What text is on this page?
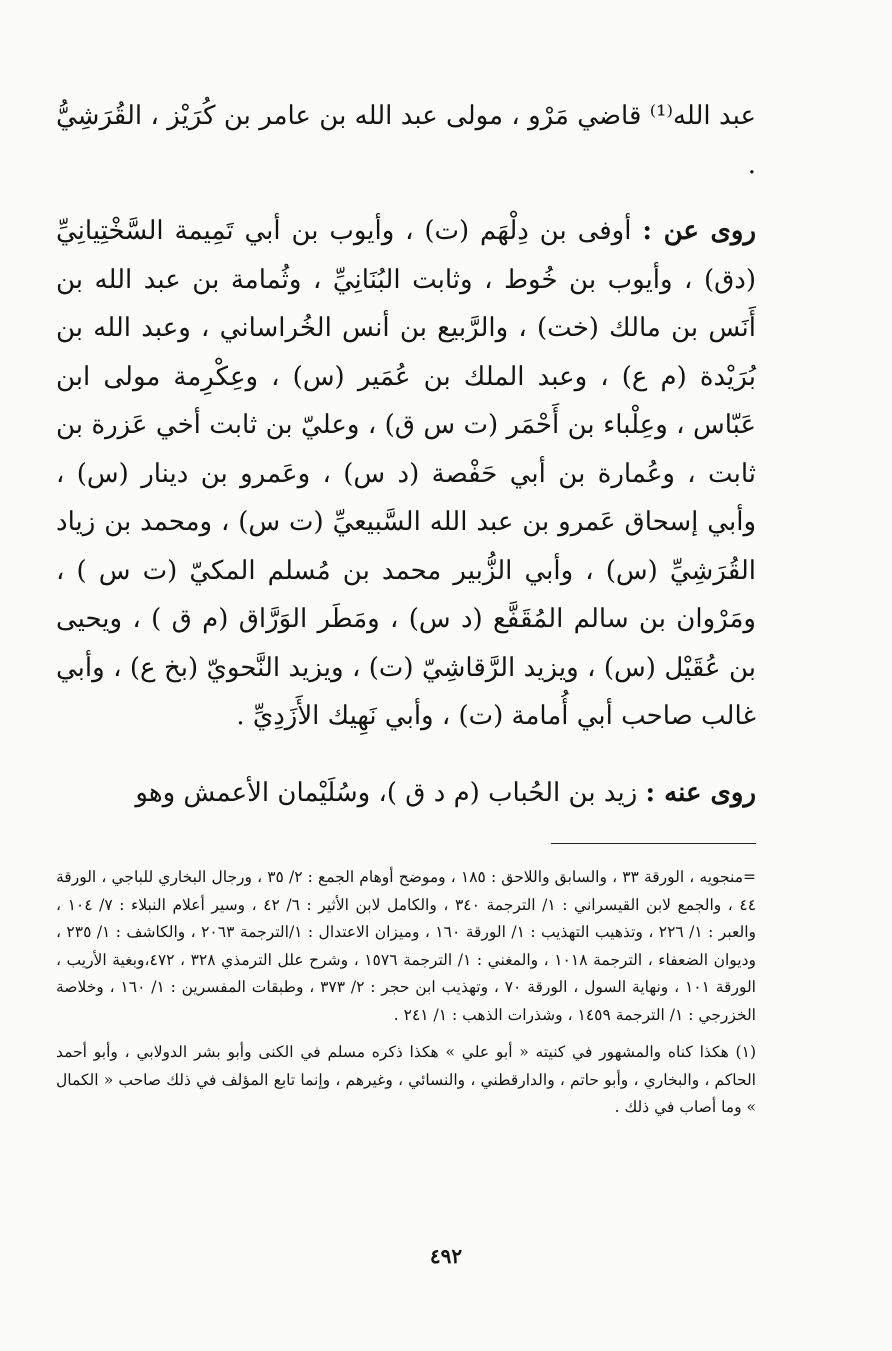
عبد الله⁽¹⁾ قاضي مَرْو ، مولى عبد الله بن عامر بن كُرَيْز ، القُرَشِيُّ .

روى عن : أوفى بن دِلْهَم (ت) ، وأيوب بن أبي تَمِيمة السَّخْتِيانِيِّ (دق) ، وأيوب بن خُوط ، وثابت البُنَانِيِّ ، وثُمامة بن عبد الله بن أَنَس بن مالك (خت) ، والرَّبيع بن أنس الخُراساني ، وعبد الله بن بُرَيْدة (م ع) ، وعبد الملك بن عُمَير (س) ، وعِكْرِمة مولى ابن عَبّاس ، وعِلْباء بن أَحْمَر (ت س ق) ، وعليّ بن ثابت أخي عَزرة بن ثابت ، وعُمارة بن أبي حَفْصة (د س) ، وعَمرو بن دينار (س) ، وأبي إسحاق عَمرو بن عبد الله السَّبيعيِّ (ت س) ، ومحمد بن زياد القُرَشِيِّ (س) ، وأبي الزُّبير محمد بن مُسلم المكيّ (ت س ) ، ومَرْوان بن سالم المُقَفَّع (د س) ، ومَطَر الوَرَّاق (م ق ) ، ويحيى بن عُقَيْل (س) ، ويزيد الرَّقاشِيّ (ت) ، ويزيد النَّحويّ (بخ ع) ، وأبي غالب صاحب أبي أُمامة (ت) ، وأبي نَهِيك الأَزَدِيِّ .

روى عنه : زيد بن الحُباب (م د ق )، وسُلَيْمان الأعمش وهو

=منجويه ، الورقة ٣٣ ، والسابق واللاحق : ١٨٥ ، وموضح أوهام الجمع : ٢/ ٣٥ ، ورجال البخاري للباجي ، الورقة ٤٤ ، والجمع لابن القيسراني : ١/ الترجمة ٣٤٠ ، والكامل لابن الأثير : ٦/ ٤٢ ، وسير أعلام النبلاء : ٧/ ١٠٤ ، والعبر : ١/ ٢٢٦ ، وتذهيب التهذيب : ١/ الورقة ١٦٠ ، وميزان الاعتدال : ١/الترجمة ٢٠٦٣ ، والكاشف : ١/ ٢٣٥ ، وديوان الضعفاء ، الترجمة ١٠١٨ ، والمغني : ١/ الترجمة ١٥٧٦ ، وشرح علل الترمذي ٣٢٨ ، ٤٧٢،وبغية الأريب ، الورقة ١٠١ ، ونهاية السول ، الورقة ٧٠ ، وتهذيب ابن حجر : ٢/ ٣٧٣ ، وطبقات المفسرين : ١/ ١٦٠ ، وخلاصة الخزرجي : ١/ الترجمة ١٤٥٩ ، وشذرات الذهب : ١/ ٢٤١ .

(١) هكذا كناه والمشهور في كنيته « أبو علي » هكذا ذكره مسلم في الكنى وأبو بشر الدولابي ، وأبو أحمد الحاكم ، والبخاري ، وأبو حاتم ، والدارقطني ، والنسائي ، وغيرهم ، وإنما تابع المؤلف في ذلك صاحب « الكمال » وما أصاب في ذلك .

٤٩٢
